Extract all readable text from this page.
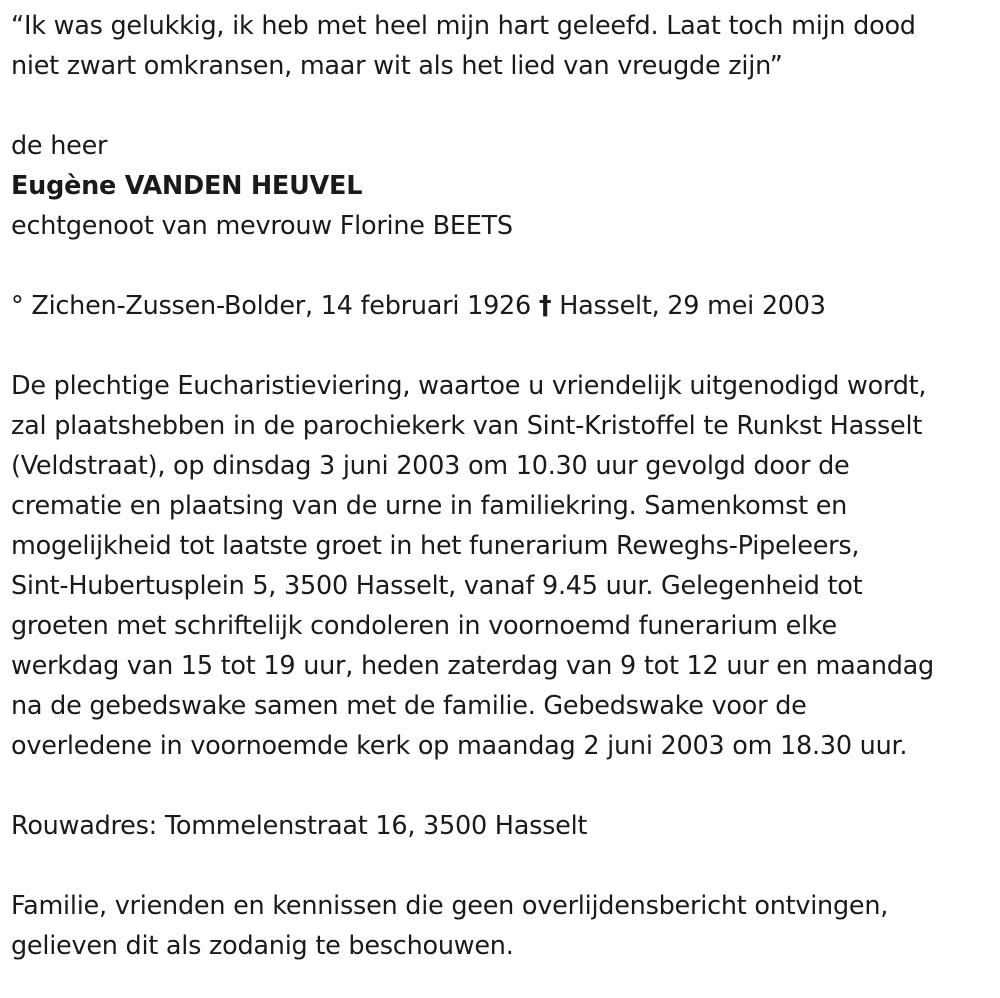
“Ik was gelukkig, ik heb met heel mijn hart geleefd. Laat toch mijn dood
niet zwart omkransen, maar wit als het lied van vreugde zijn”
de heer
Eugène VANDEN HEUVEL
echtgenoot van mevrouw Florine BEETS
° Zichen-Zussen-Bolder, 14 februari 1926 † Hasselt, 29 mei 2003
De plechtige Eucharistieviering, waartoe u vriendelijk uitgenodigd wordt,
zal plaatshebben in de parochiekerk van Sint-Kristoffel te Runkst Hasselt
(Veldstraat), op dinsdag 3 juni 2003 om 10.30 uur gevolgd door de
crematie en plaatsing van de urne in familiekring. Samenkomst en
mogelijkheid tot laatste groet in het funerarium Reweghs-Pipeleers,
Sint-Hubertusplein 5, 3500 Hasselt, vanaf 9.45 uur. Gelegenheid tot
groeten met schriftelijk condoleren in voornoemd funerarium elke
werkdag van 15 tot 19 uur, heden zaterdag van 9 tot 12 uur en maandag
na de gebedswake samen met de familie. Gebedswake voor de
overledene in voornoemde kerk op maandag 2 juni 2003 om 18.30 uur.
Rouwadres: Tommelenstraat 16, 3500 Hasselt
Familie, vrienden en kennissen die geen overlijdensbericht ontvingen,
gelieven dit als zodanig te beschouwen.
